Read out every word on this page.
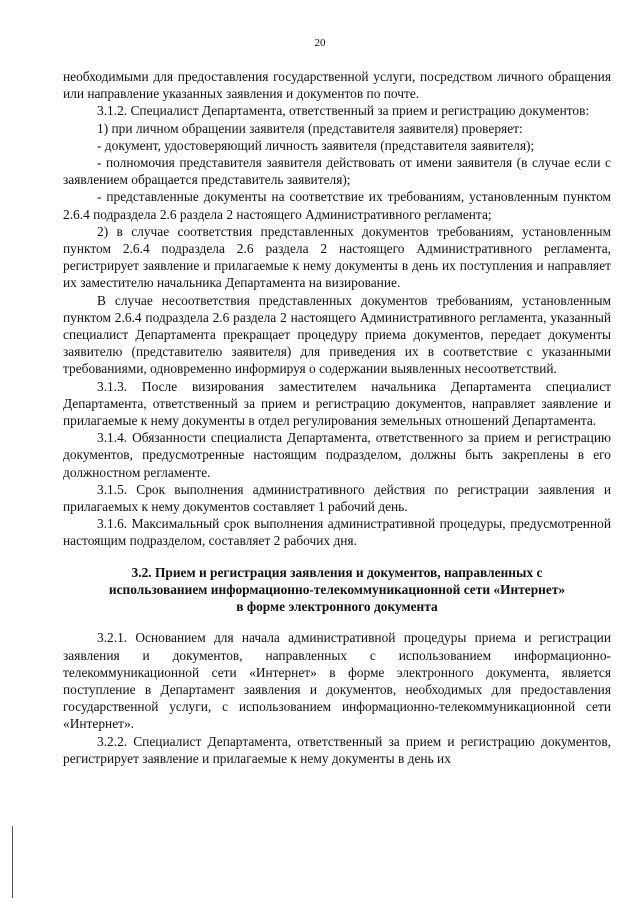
20

необходимыми для предоставления государственной услуги, посредством личного обращения или направление указанных заявления и документов по почте.

3.1.2. Специалист Департамента, ответственный за прием и регистрацию документов:

1) при личном обращении заявителя (представителя заявителя) проверяет:

- документ, удостоверяющий личность заявителя (представителя заявителя);

- полномочия представителя заявителя действовать от имени заявителя (в случае если с заявлением обращается представитель заявителя);

- представленные документы на соответствие их требованиям, установленным пунктом 2.6.4 подраздела 2.6 раздела 2 настоящего Административного регламента;

2) в случае соответствия представленных документов требованиям, установленным пунктом 2.6.4 подраздела 2.6 раздела 2 настоящего Административного регламента, регистрирует заявление и прилагаемые к нему документы в день их поступления и направляет их заместителю начальника Департамента на визирование.

В случае несоответствия представленных документов требованиям, установленным пунктом 2.6.4 подраздела 2.6 раздела 2 настоящего Административного регламента, указанный специалист Департамента прекращает процедуру приема документов, передает документы заявителю (представителю заявителя) для приведения их в соответствие с указанными требованиями, одновременно информируя о содержании выявленных несоответствий.

3.1.3. После визирования заместителем начальника Департамента специалист Департамента, ответственный за прием и регистрацию документов, направляет заявление и прилагаемые к нему документы в отдел регулирования земельных отношений Департамента.

3.1.4. Обязанности специалиста Департамента, ответственного за прием и регистрацию документов, предусмотренные настоящим подразделом, должны быть закреплены в его должностном регламенте.

3.1.5. Срок выполнения административного действия по регистрации заявления и прилагаемых к нему документов составляет 1 рабочий день.

3.1.6. Максимальный срок выполнения административной процедуры, предусмотренной настоящим подразделом, составляет 2 рабочих дня.

3.2. Прием и регистрация заявления и документов, направленных с

использованием информационно-телекоммуникационной сети «Интернет»

в форме электронного документа

3.2.1. Основанием для начала административной процедуры приема и регистрации заявления и документов, направленных с использованием информационно-телекоммуникационной сети «Интернет» в форме электронного документа, является поступление в Департамент заявления и документов, необходимых для предоставления государственной услуги, с использованием информационно-телекоммуникационной сети «Интернет».

3.2.2. Специалист Департамента, ответственный за прием и регистрацию документов, регистрирует заявление и прилагаемые к нему документы в день их
